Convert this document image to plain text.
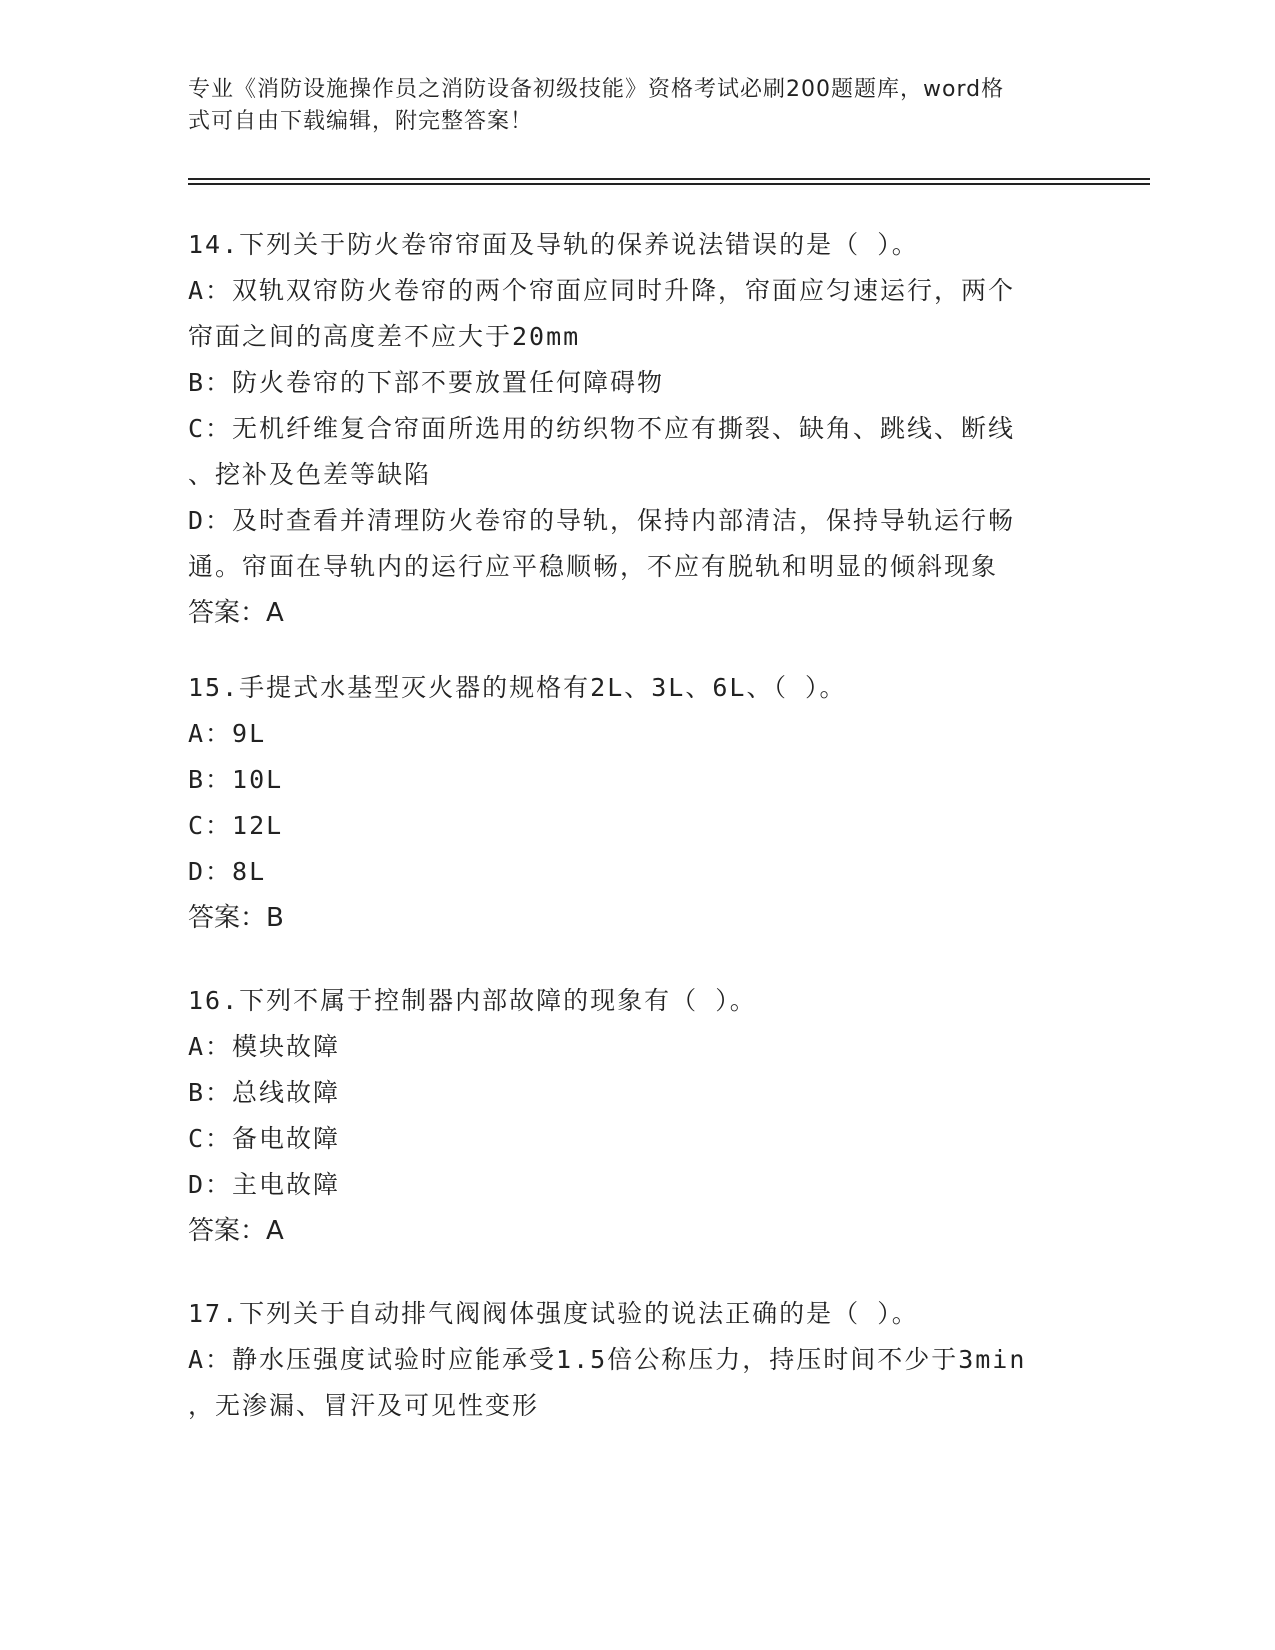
专业《消防设施操作员之消防设备初级技能》资格考试必刷200题题库，word格
式可自由下载编辑，附完整答案！
14.下列关于防火卷帘帘面及导轨的保养说法错误的是（ ）。
A：双轨双帘防火卷帘的两个帘面应同时升降，帘面应匀速运行，两个
帘面之间的高度差不应大于20mm
B：防火卷帘的下部不要放置任何障碍物
C：无机纤维复合帘面所选用的纺织物不应有撕裂、缺角、跳线、断线
、挖补及色差等缺陷
D：及时查看并清理防火卷帘的导轨，保持内部清洁，保持导轨运行畅
通。帘面在导轨内的运行应平稳顺畅，不应有脱轨和明显的倾斜现象
答案：A
15.手提式水基型灭火器的规格有2L、3L、6L、（ ）。
A：9L
B：10L
C：12L
D：8L
答案：B
16.下列不属于控制器内部故障的现象有（ ）。
A：模块故障
B：总线故障
C：备电故障
D：主电故障
答案：A
17.下列关于自动排气阀阀体强度试验的说法正确的是（ ）。
A：静水压强度试验时应能承受1.5倍公称压力，持压时间不少于3min
，无渗漏、冒汗及可见性变形
